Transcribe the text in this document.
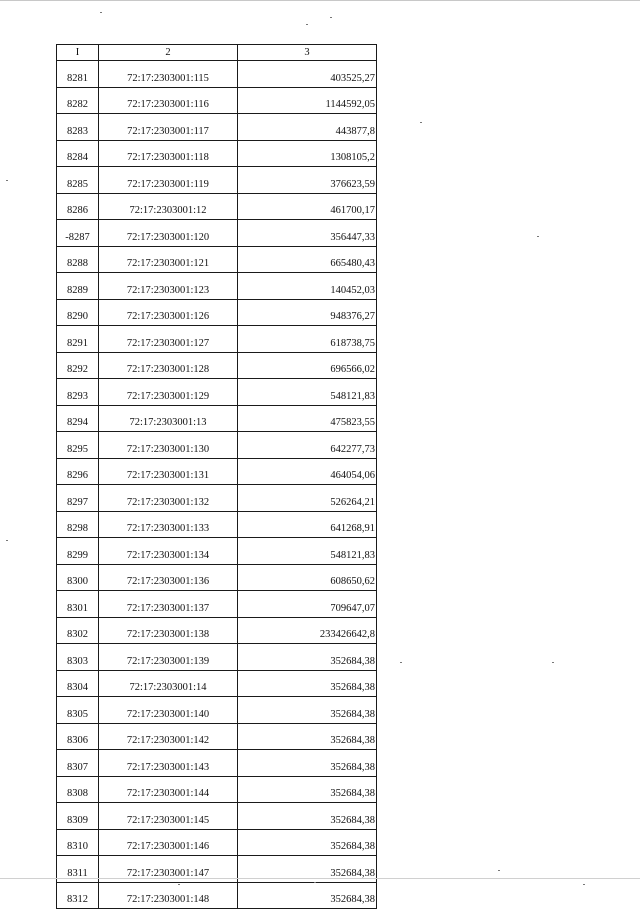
I	2	3
8281	72:17:2303001:115	403525,27
8282	72:17:2303001:116	1144592,05
8283	72:17:2303001:117	443877,8
8284	72:17:2303001:118	1308105,2
8285	72:17:2303001:119	376623,59
8286	72:17:2303001:12	461700,17
-8287	72:17:2303001:120	356447,33
8288	72:17:2303001:121	665480,43
8289	72:17:2303001:123	140452,03
8290	72:17:2303001:126	948376,27
8291	72:17:2303001:127	618738,75
8292	72:17:2303001:128	696566,02
8293	72:17:2303001:129	548121,83
8294	72:17:2303001:13	475823,55
8295	72:17:2303001:130	642277,73
8296	72:17:2303001:131	464054,06
8297	72:17:2303001:132	526264,21
8298	72:17:2303001:133	641268,91
8299	72:17:2303001:134	548121,83
8300	72:17:2303001:136	608650,62
8301	72:17:2303001:137	709647,07
8302	72:17:2303001:138	233426642,8
8303	72:17:2303001:139	352684,38
8304	72:17:2303001:14	352684,38
8305	72:17:2303001:140	352684,38
8306	72:17:2303001:142	352684,38
8307	72:17:2303001:143	352684,38
8308	72:17:2303001:144	352684,38
8309	72:17:2303001:145	352684,38
8310	72:17:2303001:146	352684,38
8311	72:17:2303001:147	352684,38
8312	72:17:2303001:148	352684,38
